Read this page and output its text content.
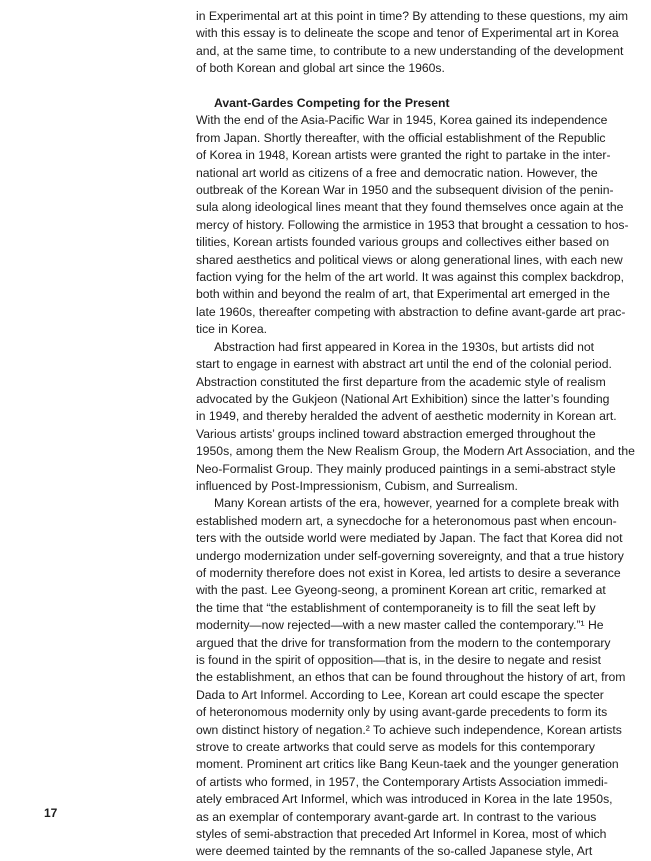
in Experimental art at this point in time? By attending to these questions, my aim
with this essay is to delineate the scope and tenor of Experimental art in Korea
and, at the same time, to contribute to a new understanding of the development
of both Korean and global art since the 1960s.
Avant-Gardes Competing for the Present
With the end of the Asia-Pacific War in 1945, Korea gained its independence
from Japan. Shortly thereafter, with the official establishment of the Republic
of Korea in 1948, Korean artists were granted the right to partake in the inter-
national art world as citizens of a free and democratic nation. However, the
outbreak of the Korean War in 1950 and the subsequent division of the penin-
sula along ideological lines meant that they found themselves once again at the
mercy of history. Following the armistice in 1953 that brought a cessation to hos-
tilities, Korean artists founded various groups and collectives either based on
shared aesthetics and political views or along generational lines, with each new
faction vying for the helm of the art world. It was against this complex backdrop,
both within and beyond the realm of art, that Experimental art emerged in the
late 1960s, thereafter competing with abstraction to define avant-garde art prac-
tice in Korea.
Abstraction had first appeared in Korea in the 1930s, but artists did not
start to engage in earnest with abstract art until the end of the colonial period.
Abstraction constituted the first departure from the academic style of realism
advocated by the Gukjeon (National Art Exhibition) since the latter’s founding
in 1949, and thereby heralded the advent of aesthetic modernity in Korean art.
Various artists’ groups inclined toward abstraction emerged throughout the
1950s, among them the New Realism Group, the Modern Art Association, and the
Neo-Formalist Group. They mainly produced paintings in a semi-abstract style
influenced by Post-Impressionism, Cubism, and Surrealism.
Many Korean artists of the era, however, yearned for a complete break with
established modern art, a synecdoche for a heteronomous past when encoun-
ters with the outside world were mediated by Japan. The fact that Korea did not
undergo modernization under self-governing sovereignty, and that a true history
of modernity therefore does not exist in Korea, led artists to desire a severance
with the past. Lee Gyeong-seong, a prominent Korean art critic, remarked at
the time that “the establishment of contemporaneity is to fill the seat left by
modernity—now rejected—with a new master called the contemporary.”¹ He
argued that the drive for transformation from the modern to the contemporary
is found in the spirit of opposition—that is, in the desire to negate and resist
the establishment, an ethos that can be found throughout the history of art, from
Dada to Art Informel. According to Lee, Korean art could escape the specter
of heteronomous modernity only by using avant-garde precedents to form its
own distinct history of negation.² To achieve such independence, Korean artists
strove to create artworks that could serve as models for this contemporary
moment. Prominent art critics like Bang Keun-taek and the younger generation
of artists who formed, in 1957, the Contemporary Artists Association immedi-
ately embraced Art Informel, which was introduced in Korea in the late 1950s,
as an exemplar of contemporary avant-garde art. In contrast to the various
styles of semi-abstraction that preceded Art Informel in Korea, most of which
were deemed tainted by the remnants of the so-called Japanese style, Art
17
